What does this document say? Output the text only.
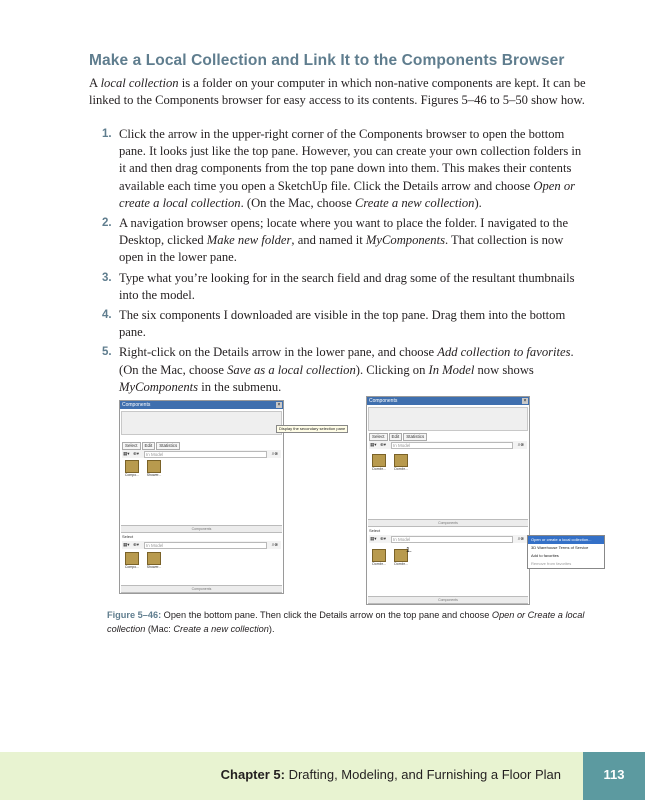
Make a Local Collection and Link It to the Components Browser

A local collection is a folder on your computer in which non-native components are kept. It can be linked to the Components browser for easy access to its contents. Figures 5–46 to 5–50 show how.

1. Click the arrow in the upper-right corner of the Components browser to open the bottom pane. It looks just like the top pane. However, you can create your own collection folders in it and then drag components from the top pane down into them. This makes their contents available each time you open a SketchUp file. Click the Details arrow and choose Open or create a local collection. (On the Mac, choose Create a new collection).
2. A navigation browser opens; locate where you want to place the folder. I navigated to the Desktop, clicked Make new folder, and named it MyComponents. That collection is now open in the lower pane.
3. Type what you’re looking for in the search field and drag some of the resultant thumbnails into the model.
4. The six components I downloaded are visible in the top pane. Drag them into the bottom pane.
5. Right-click on the Details arrow in the lower pane, and choose Add collection to favorites. (On the Mac, choose Save as a local collection). Clicking on In Model now shows MyComponents in the submenu.
Components	×
Select Edit Statistics
▦▾ ⊕▾	In Model	⌕⊗
Compo...	Shower...
Components
Select
▦▾ ⊕▾	In Model	⌕⊗
Compo...	Shower...
Components
Display the secondary selection pane
Components	×
Select Edit Statistics
▦▾ ⊕▾	In Model	⌕⊗
Dornbr...	Dornbr...
Components
Select
▦▾ ⊕▾	In Model	⌕⊗
Dornbr...	Dornbr...
Components
1.
Open or create a local collection...
3D Warehouse Terms of Service
Add to favorites
Remove from favorites
Figure 5–46: Open the bottom pane. Then click the Details arrow on the top pane and choose Open or Create a local collection (Mac: Create a new collection).
Chapter 5: Drafting, Modeling, and Furnishing a Floor Plan	113
